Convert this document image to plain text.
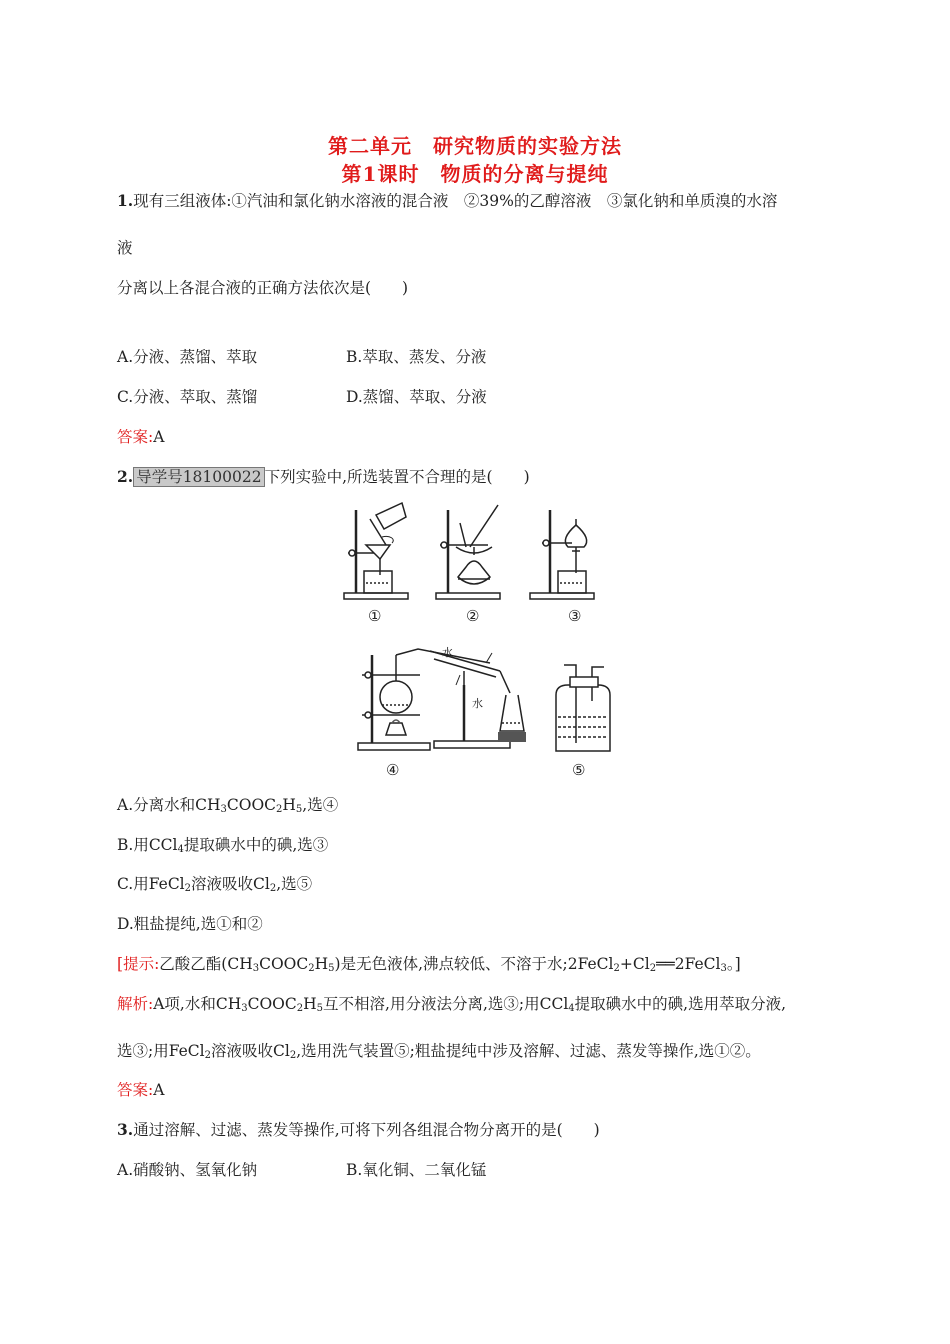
第二单元　研究物质的实验方法
第1课时　物质的分离与提纯
1.现有三组液体:①汽油和氯化钠水溶液的混合液　②39%的乙醇溶液　③氯化钠和单质溴的水溶
液
分离以上各混合液的正确方法依次是(　　)
A.分液、蒸馏、萃取	B.萃取、蒸发、分液
C.分液、萃取、蒸馏	D.蒸馏、萃取、分液
答案:A
2. 导学号18100022 下列实验中,所选装置不合理的是(　　)
①	②	③
水
水
④	⑤
A.分离水和$CH_3COOC_2H_5$,选④
B.用CCl$_4$提取碘水中的碘,选③
C.用FeCl$_2$溶液吸收$Cl_2$,选⑤
D.粗盐提纯,选①和②
[提示:乙酸乙酯$(CH_3COOC_2H_5)$是无色液体,沸点较低、不溶于水$;2FeCl_2+Cl_2══2FeCl_3$。]
解析:A项,水和$CH_3COOC_2H_5$互不相溶,用分液法分离,选③;用CCl$_4$提取碘水中的碘,选用萃取分液,
选③;用FeCl$_2$溶液吸收$Cl_2$,选用洗气装置⑤;粗盐提纯中涉及溶解、过滤、蒸发等操作,选①②。
答案:A
3.通过溶解、过滤、蒸发等操作,可将下列各组混合物分离开的是(　　)
A.硝酸钠、氢氧化钠	B.氧化铜、二氧化锰
